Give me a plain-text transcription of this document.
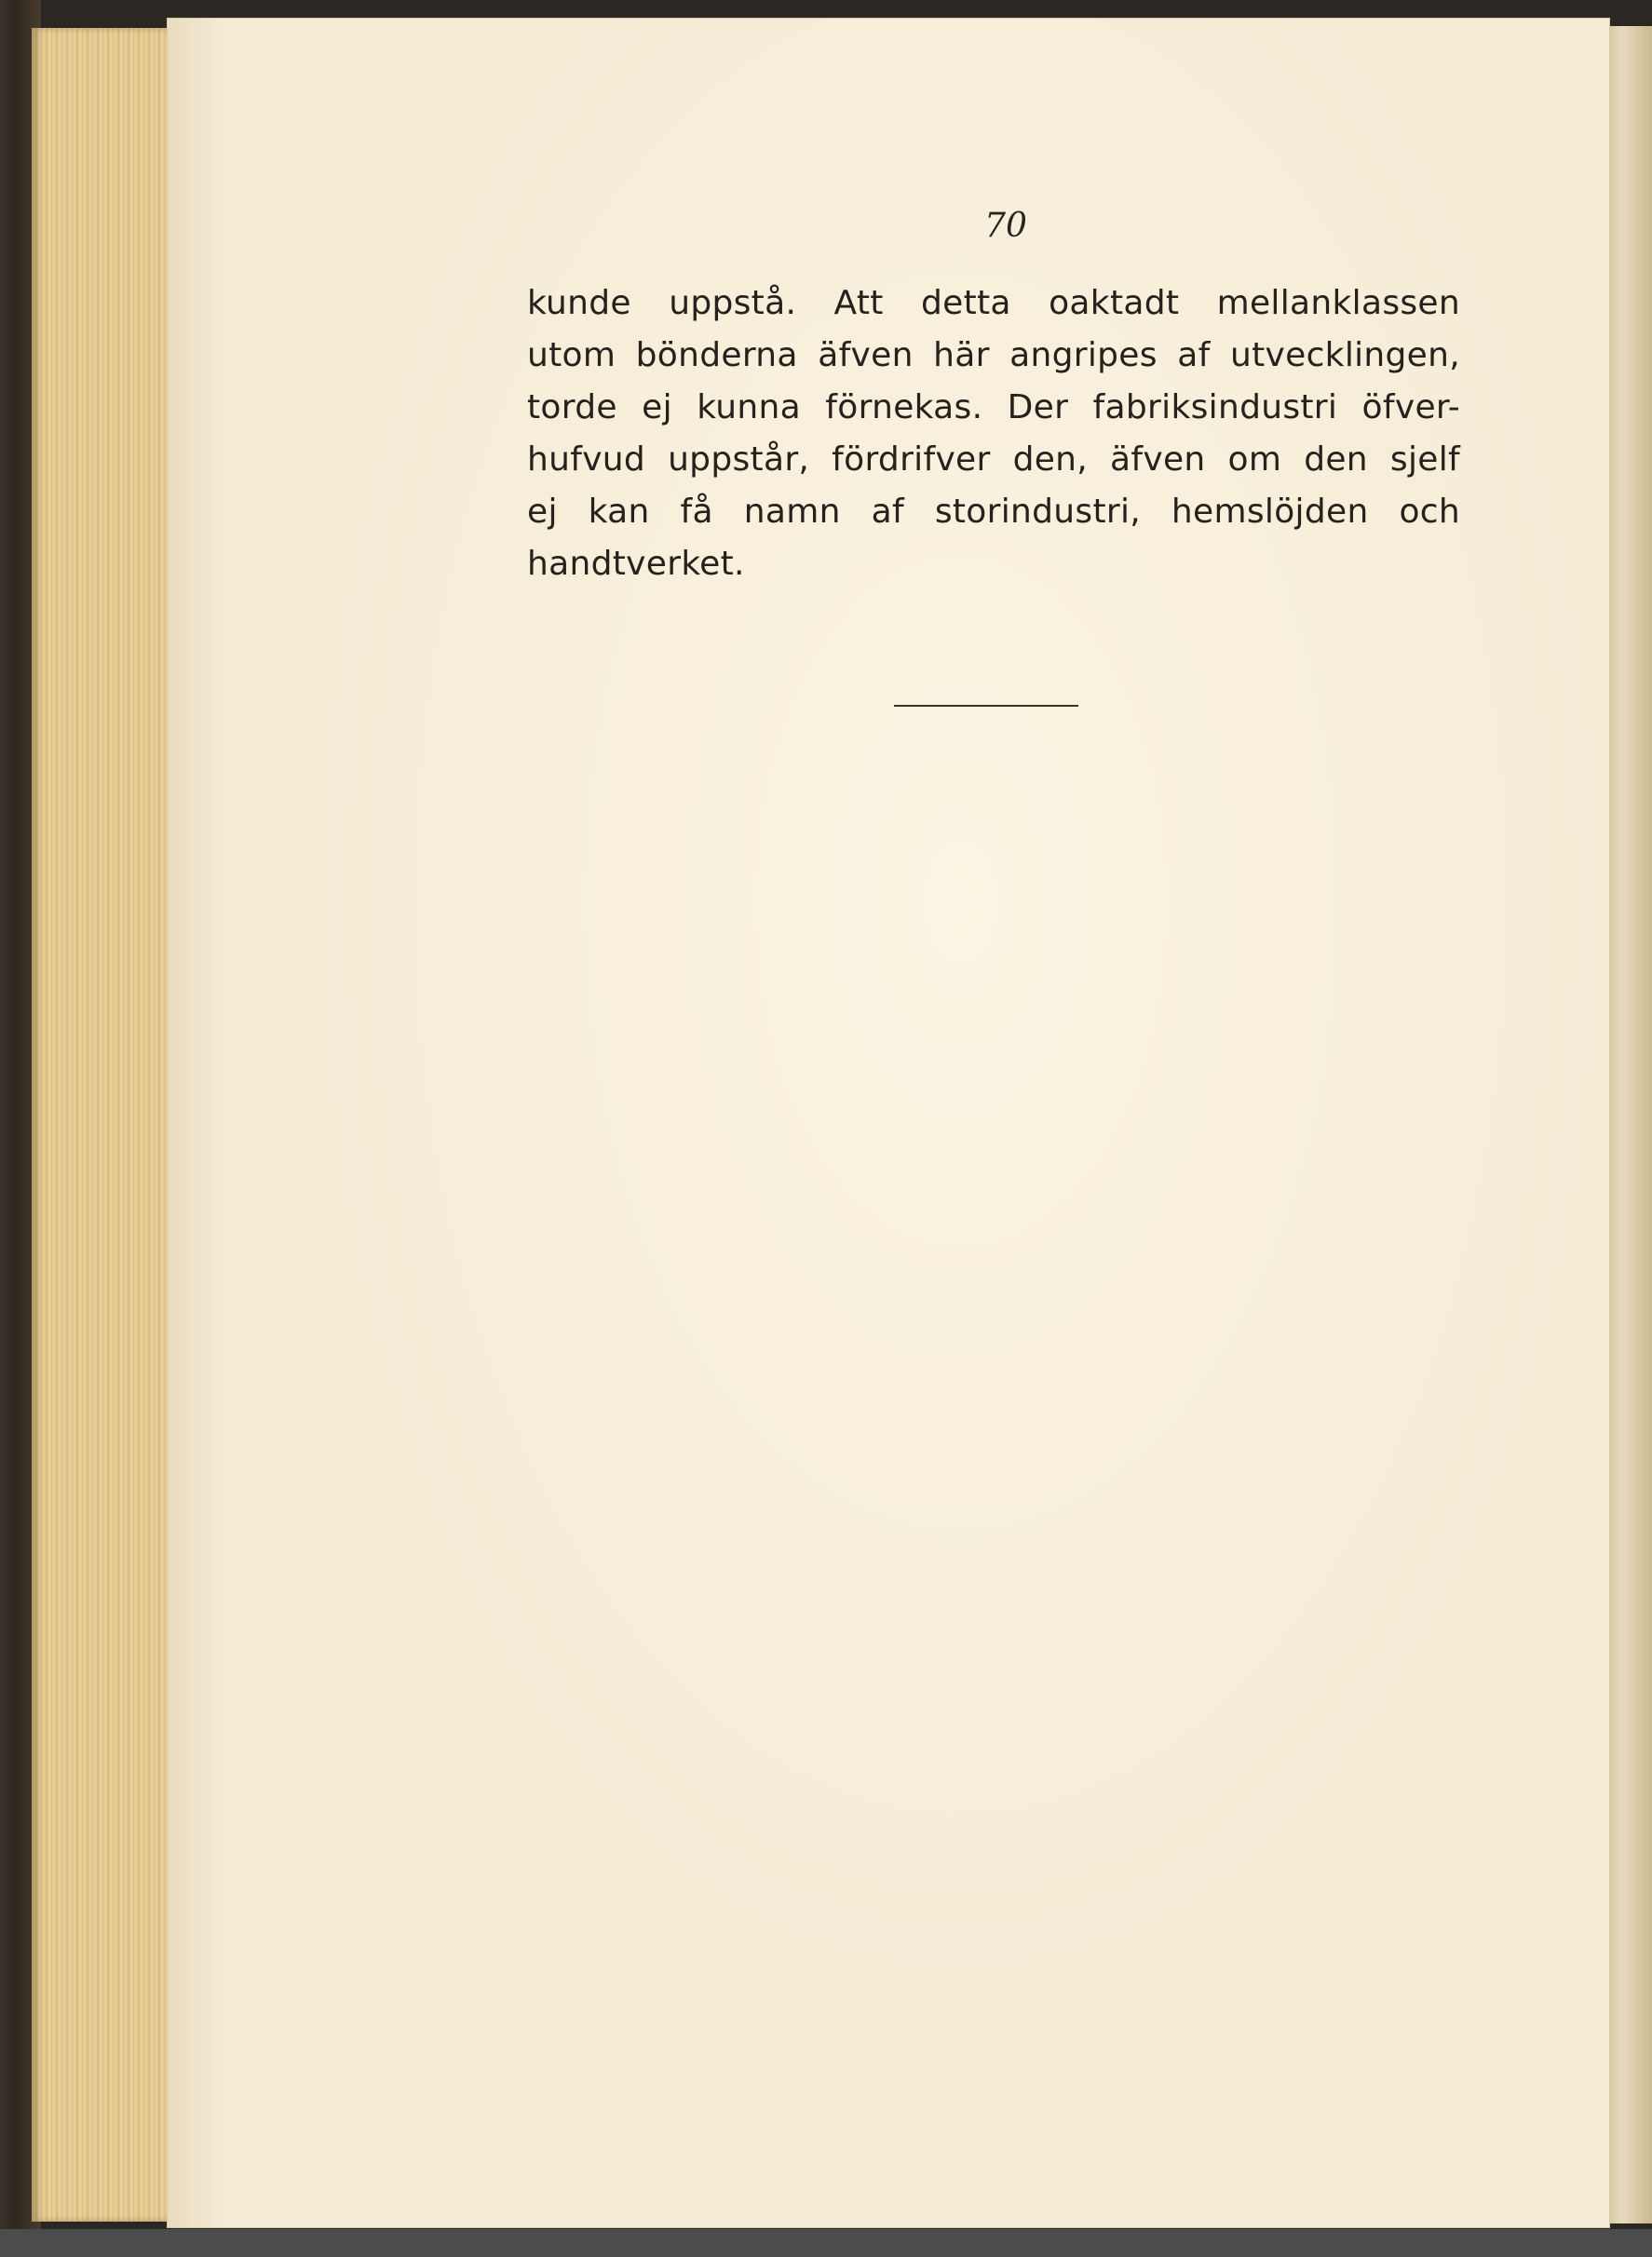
70

kunde uppstå. Att detta oaktadt mellanklassen
utom bönderna äfven här angripes af utvecklingen,
torde ej kunna förnekas. Der fabriksindustri öfver-
hufvud uppstår, fördrifver den, äfven om den sjelf
ej kan få namn af storindustri, hemslöjden och
handtverket.
